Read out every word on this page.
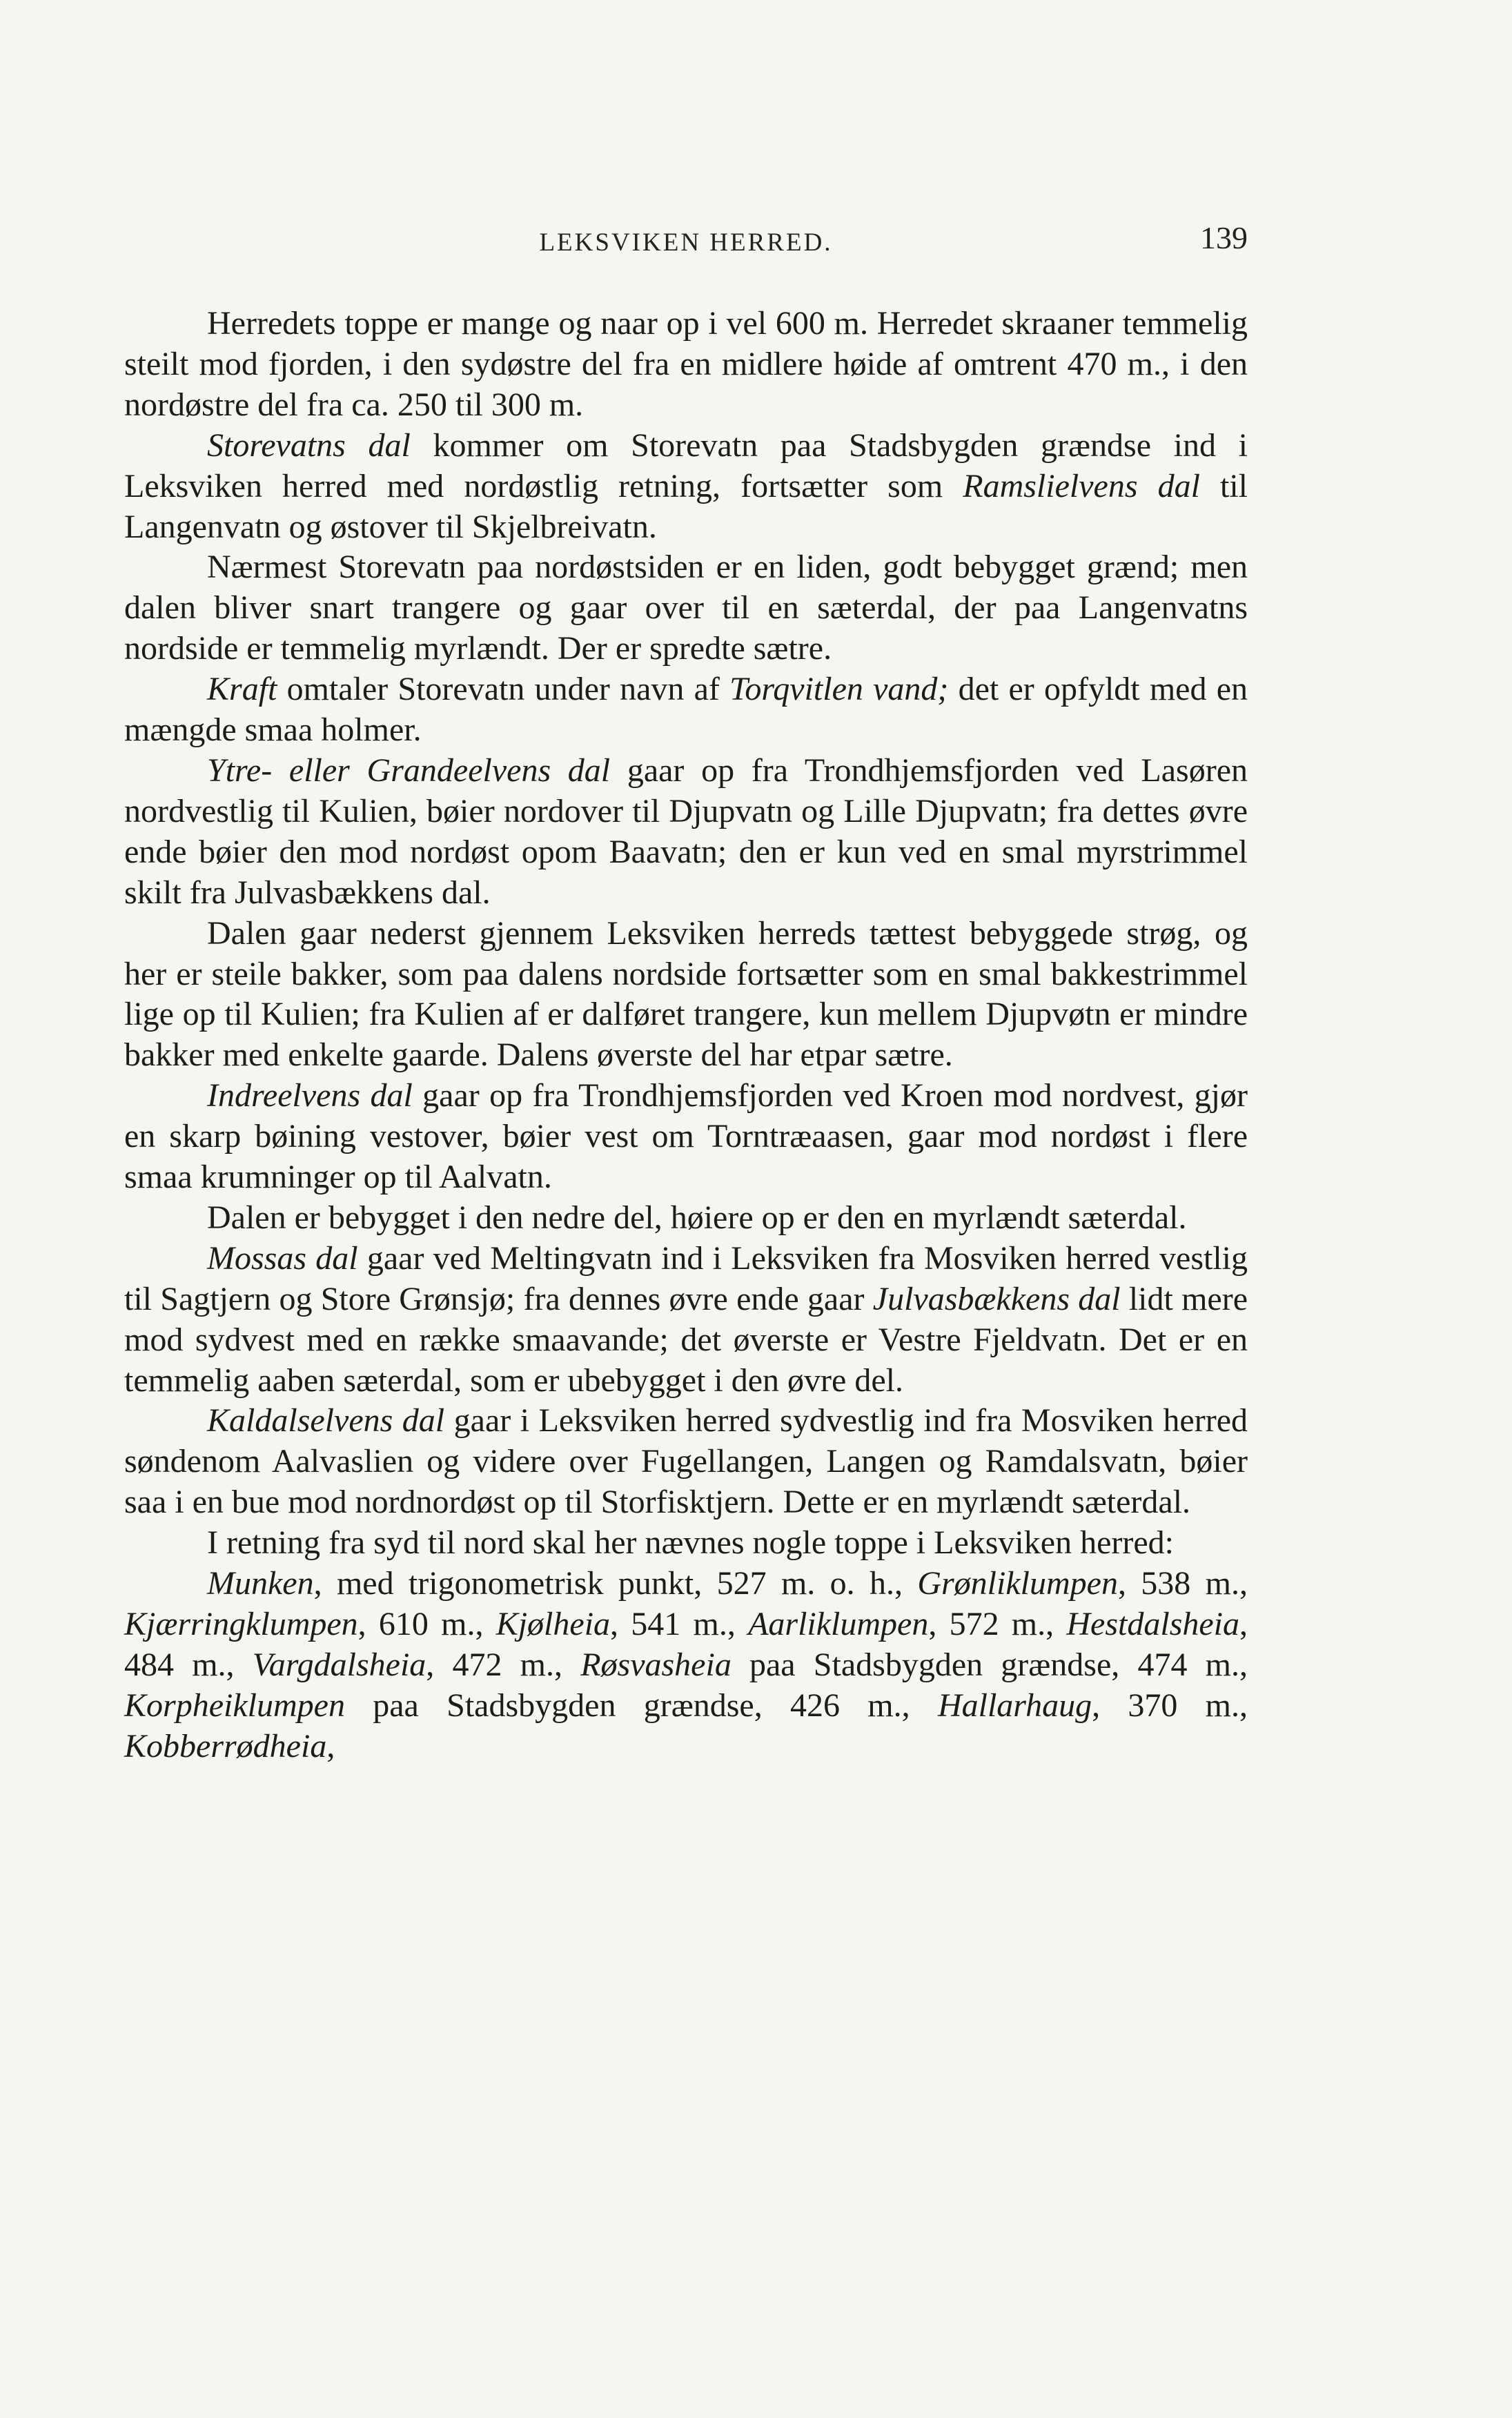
LEKSVIKEN HERRED.	139

Herredets toppe er mange og naar op i vel 600 m. Herredet skraaner temmelig steilt mod fjorden, i den sydøstre del fra en midlere høide af omtrent 470 m., i den nordøstre del fra ca. 250 til 300 m.

Storevatns dal kommer om Storevatn paa Stadsbygden grændse ind i Leksviken herred med nordøstlig retning, fortsætter som Ramslielvens dal til Langenvatn og østover til Skjelbreivatn.

Nærmest Storevatn paa nordøstsiden er en liden, godt bebygget grænd; men dalen bliver snart trangere og gaar over til en sæterdal, der paa Langenvatns nordside er temmelig myrlændt. Der er spredte sætre.

Kraft omtaler Storevatn under navn af Torqvitlen vand; det er opfyldt med en mængde smaa holmer.

Ytre- eller Grandeelvens dal gaar op fra Trondhjemsfjorden ved Lasøren nordvestlig til Kulien, bøier nordover til Djupvatn og Lille Djupvatn; fra dettes øvre ende bøier den mod nordøst opom Baavatn; den er kun ved en smal myrstrimmel skilt fra Julvasbækkens dal.

Dalen gaar nederst gjennem Leksviken herreds tættest bebyggede strøg, og her er steile bakker, som paa dalens nordside fortsætter som en smal bakkestrimmel lige op til Kulien; fra Kulien af er dalføret trangere, kun mellem Djupvøtn er mindre bakker med enkelte gaarde. Dalens øverste del har etpar sætre.

Indreelvens dal gaar op fra Trondhjemsfjorden ved Kroen mod nordvest, gjør en skarp bøining vestover, bøier vest om Torntræaasen, gaar mod nordøst i flere smaa krumninger op til Aalvatn.

Dalen er bebygget i den nedre del, høiere op er den en myrlændt sæterdal.

Mossas dal gaar ved Meltingvatn ind i Leksviken fra Mosviken herred vestlig til Sagtjern og Store Grønsjø; fra dennes øvre ende gaar Julvasbækkens dal lidt mere mod sydvest med en række smaavande; det øverste er Vestre Fjeldvatn. Det er en temmelig aaben sæterdal, som er ubebygget i den øvre del.

Kaldalselvens dal gaar i Leksviken herred sydvestlig ind fra Mosviken herred søndenom Aalvaslien og videre over Fugellangen, Langen og Ramdalsvatn, bøier saa i en bue mod nordnordøst op til Storfisktjern. Dette er en myrlændt sæterdal.

I retning fra syd til nord skal her nævnes nogle toppe i Leksviken herred:

Munken, med trigonometrisk punkt, 527 m. o. h., Grønliklumpen, 538 m., Kjærringklumpen, 610 m., Kjølheia, 541 m., Aarliklumpen, 572 m., Hestdalsheia, 484 m., Vargdalsheia, 472 m., Røsvasheia paa Stadsbygden grændse, 474 m., Korpheiklumpen paa Stadsbygden grændse, 426 m., Hallarhaug, 370 m., Kobberrødheia,
